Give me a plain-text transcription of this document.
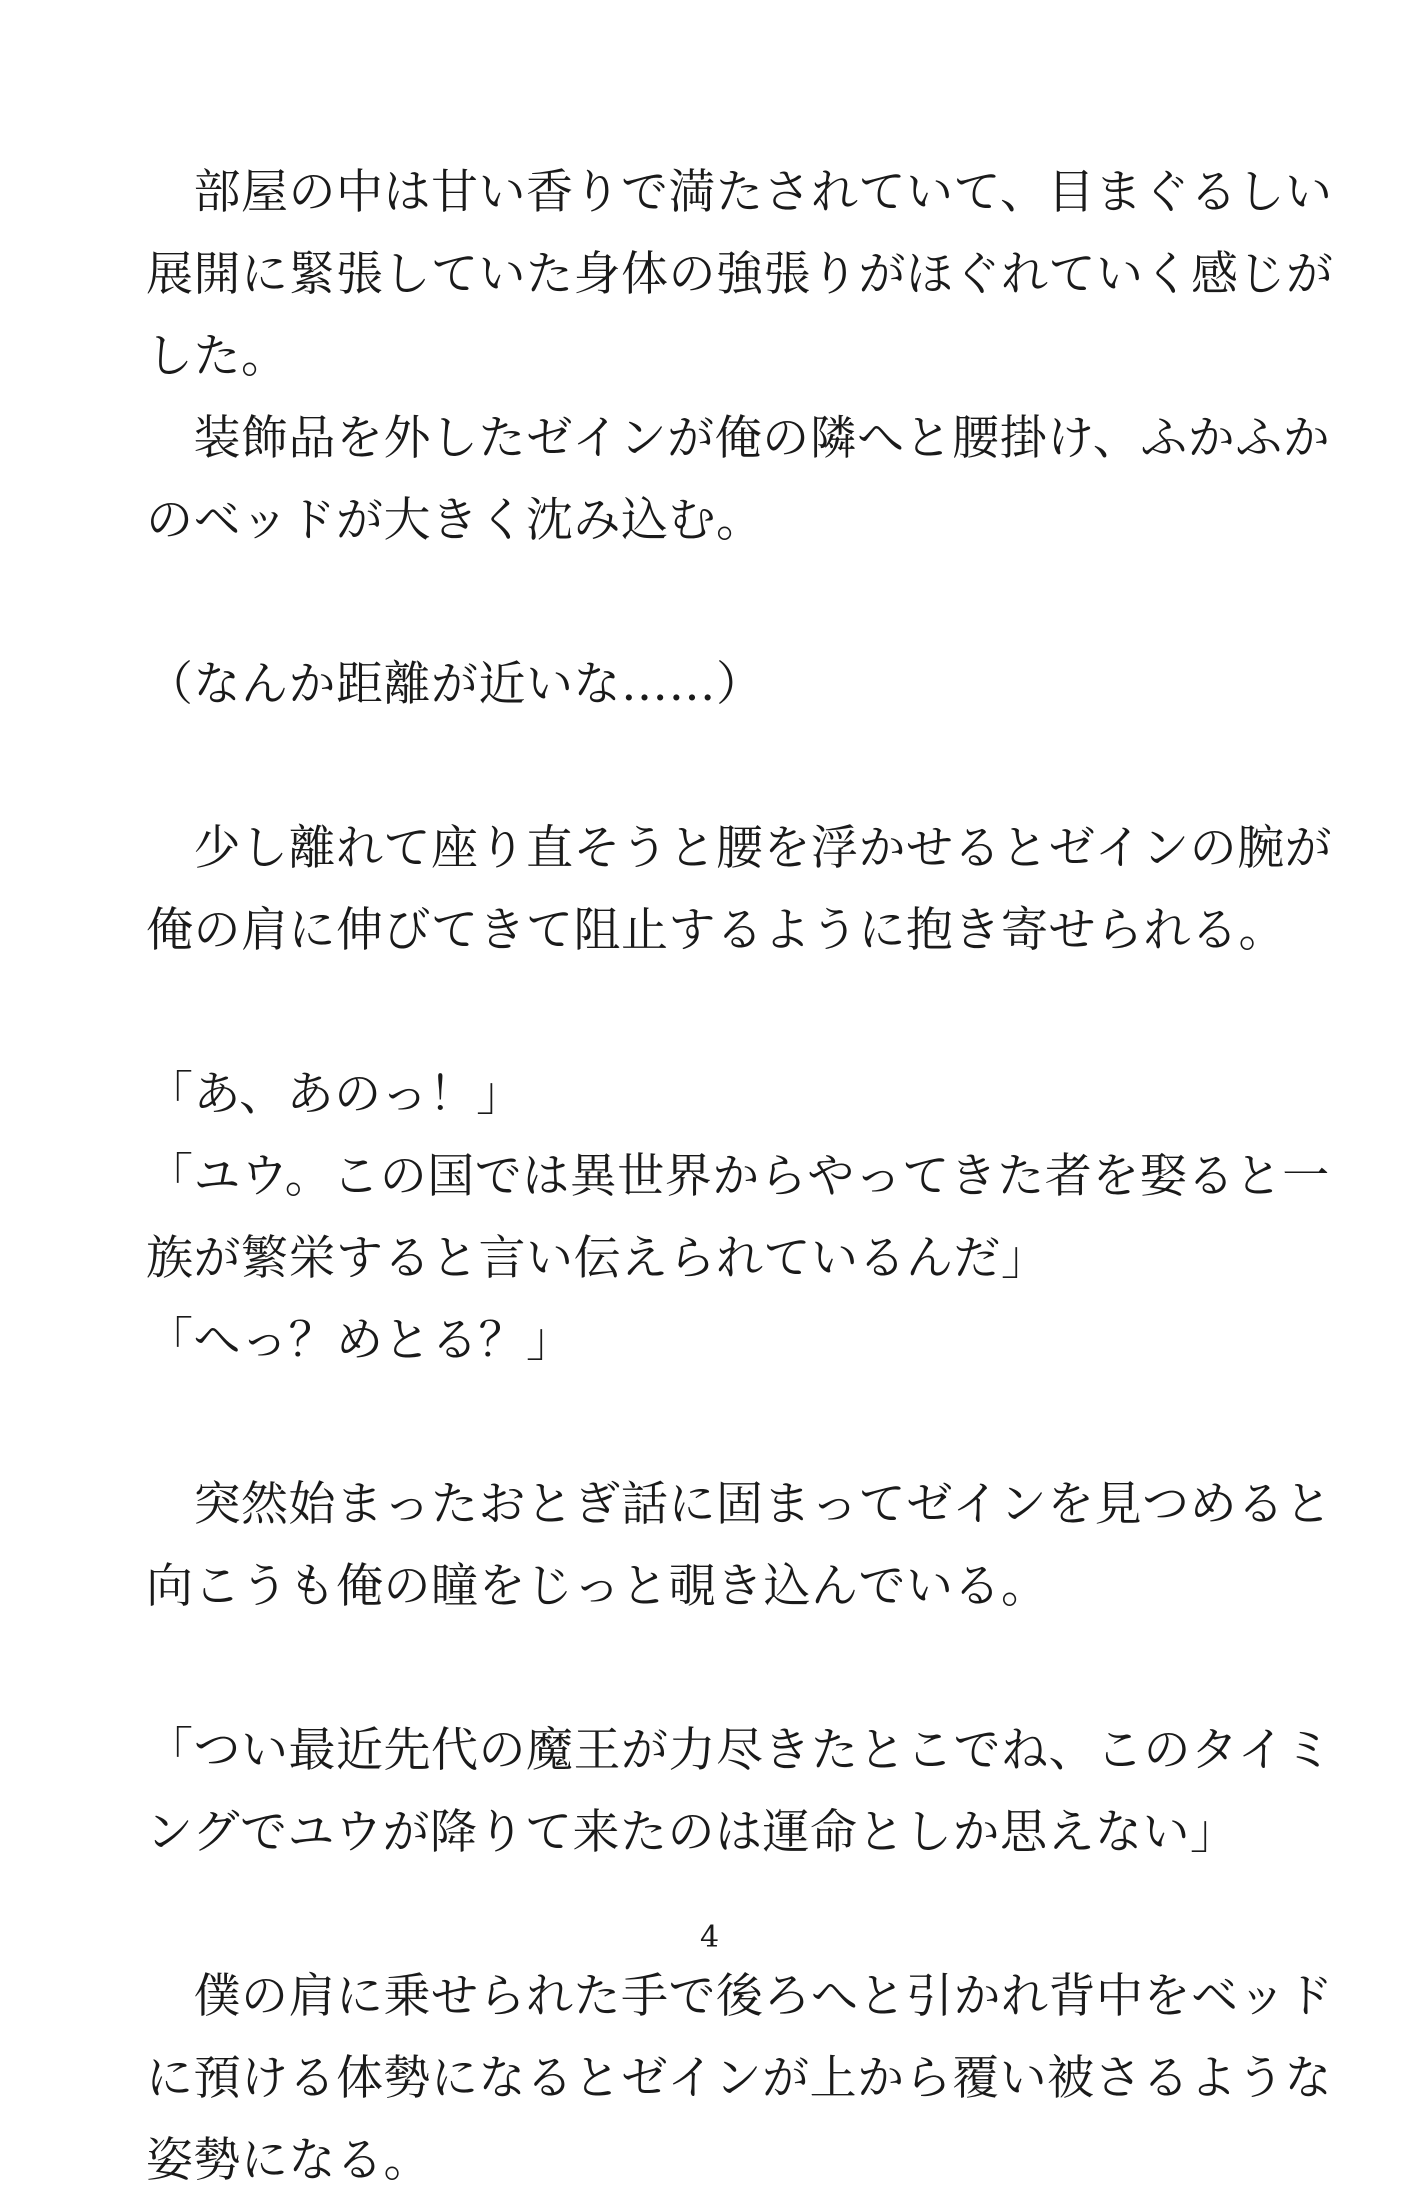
　部屋の中は甘い香りで満たされていて、目まぐるしい
展開に緊張していた身体の強張りがほぐれていく感じが
した。
　装飾品を外したゼインが俺の隣へと腰掛け、ふかふか
のベッドが大きく沈み込む。
（なんか距離が近いな……）
　少し離れて座り直そうと腰を浮かせるとゼインの腕が
俺の肩に伸びてきて阻止するように抱き寄せられる。
「あ、あのっ！」
「ユウ。この国では異世界からやってきた者を娶ると一
族が繁栄すると言い伝えられているんだ」
「へっ？めとる？」
　突然始まったおとぎ話に固まってゼインを見つめると
向こうも俺の瞳をじっと覗き込んでいる。
「つい最近先代の魔王が力尽きたとこでね、このタイミ
ングでユウが降りて来たのは運命としか思えない」
　僕の肩に乗せられた手で後ろへと引かれ背中をベッド
に預ける体勢になるとゼインが上から覆い被さるような
姿勢になる。
4
